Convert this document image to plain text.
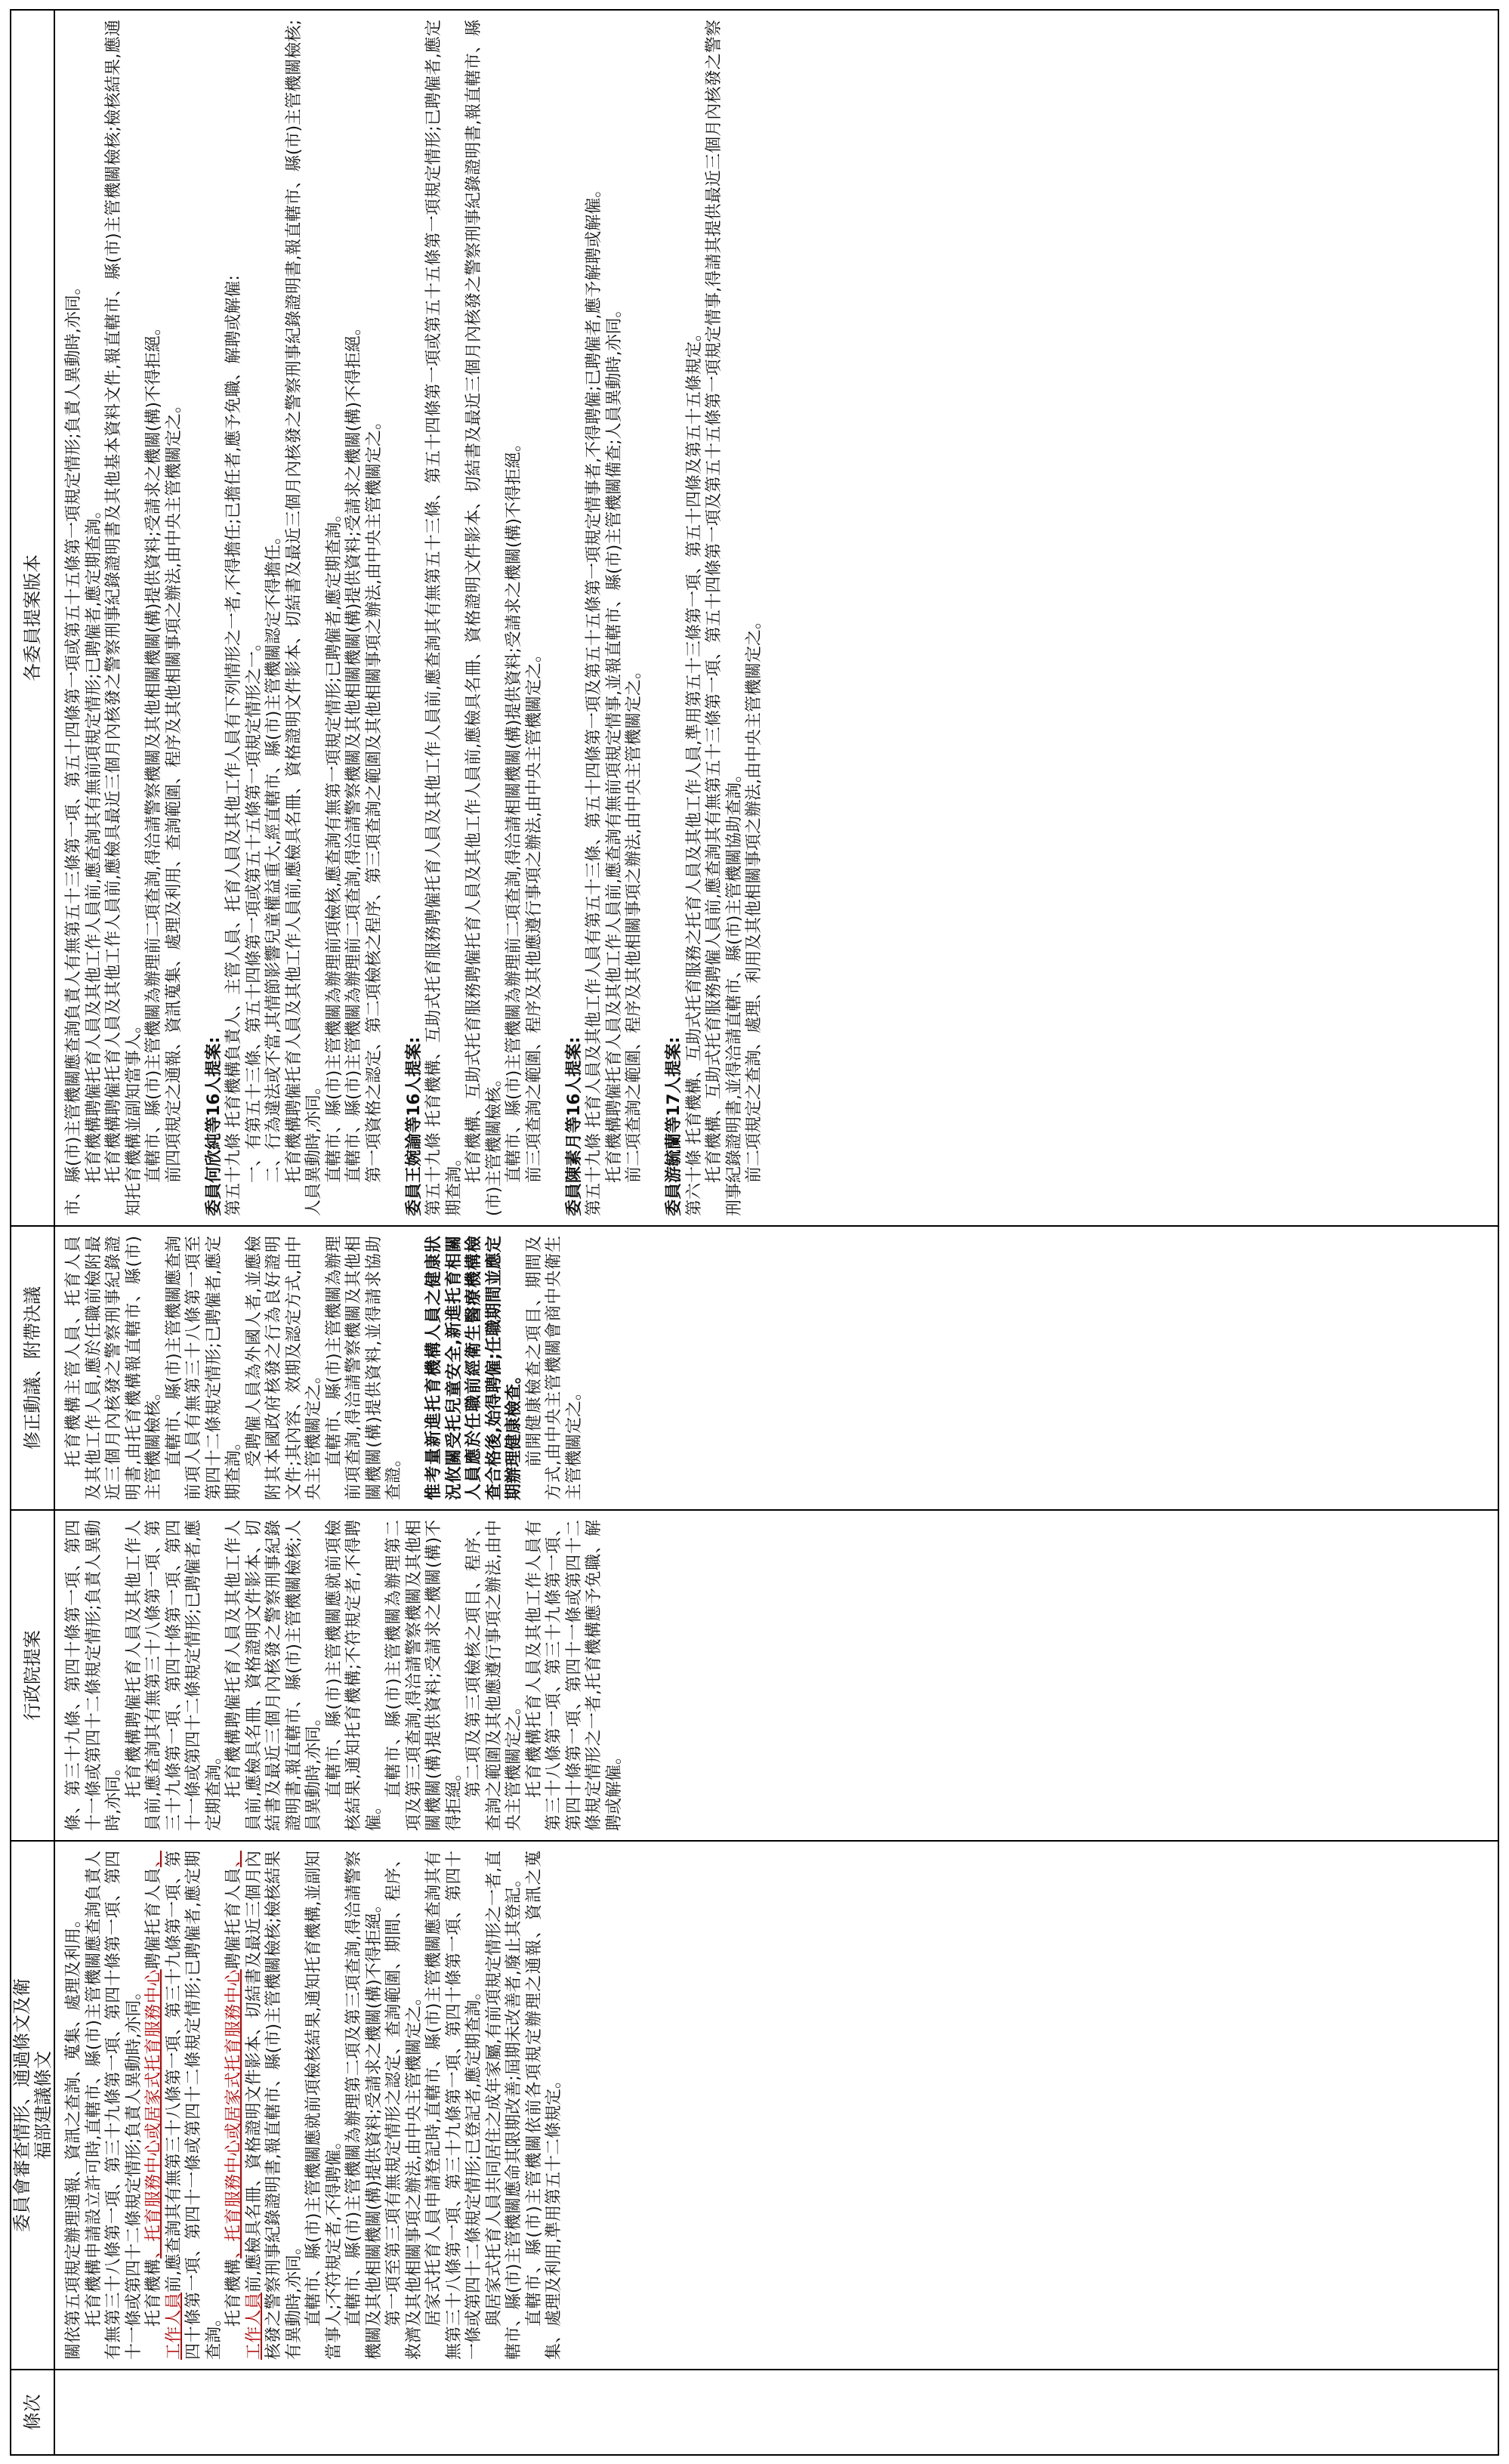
條次
委員會審查情形、通過條文及衛福部建議條文 關依第五項規定辦理通報、資訊之查詢、蒐集、處理及利用。 托育機構申請設立許可時,直轄市、縣(市)主管機關應查詢負責人有無第三十八條第一項、第三十九條第一項、第四十條第一項、第四十一條或第四十二條規定情形;負責人異動時,亦同。 托育機構、托育服務中心或居家式托育服務中心聘僱托育人員、工作人員前,應查詢其有無第三十八條第一項、第三十九條第一項、第四十條第一項、第四十一條或第四十二條規定情形;已聘僱者,應定期查詢。
托育機構、托育服務中心或居家式托育服務中心聘僱托育人員、工作人員前,應檢具名冊、資格證明文件影本、切結書及最近三個月內核發之警察刑事紀錄證明書,報直轄市、縣(市)主管機關檢核;檢核結果有異動時,亦同。 直轄市、縣(市)主管機關應就前項檢核結果,通知托育機構,並副知當事人;不符規定者,不得聘僱。 直轄市、縣(市)主管機關為辦理第二項及第三項查詢,得洽請警察機關及其他相關機關(構)提供資料;受請求之機關(構)不得拒絕。 第一項至第三項有無規定情形之認定、查詢範圍、期間、程序、救濟及其他相關事項之辦法,由中央主管機關定之。 居家式托育人員申請登記時,直轄市、縣(市)主管機關應查詢其有無第三十八條第一項、第三十九條第一項、第四十條第一項、第四十一條或第四十二條規定情形;已登記者,應定期查詢。 與居家式托育人員共同居住之成年家屬,有前項規定情形之一者,直轄市、縣(市)主管機關應命其限期改善;屆期未改善者,廢止其登記。 直轄市、縣(市)主管機關依前各項規定辦理之通報、資訊之蒐集、處理及利用,準用第五十二條規定。
行政院提案 條、第三十九條、第四十條第一項、第四十一條或第四十二條規定情形;負責人異動時,亦同。 托育機構聘僱托育人員及其他工作人員前,應查詢其有無第三十八條第一項、第三十九條第一項、第四十條第一項、第四十一條或第四十二條規定情形;已聘僱者,應定期查詢。 托育機構聘僱托育人員及其他工作人員前,應檢具名冊、資格證明文件影本、切結書及最近三個月內核發之警察刑事紀錄證明書,報直轄市、縣(市)主管機關檢核;人員異動時,亦同。 直轄市、縣(市)主管機關應就前項檢核結果,通知托育機構;不符規定者,不得聘僱。
直轄市、縣(市)主管機關為辦理第二項及第三項查詢,得洽請警察機關及其他相關機關(構)提供資料;受請求之機關(構)不得拒絕。 第二項及第三項檢核之項目、程序、查詢之範圍及其他應遵行事項之辦法,由中央主管機關定之。 托育機構托育人員及其他工作人員有第三十八條第一項、第三十九條第一項、第四十條第一項、第四十一條或第四十二條規定情形之一者,托育機構應予免職、解聘或解僱。
修正動議、附帶決議 托育機構主管人員、托育人員及其他工作人員,應於任職前檢附最近三個月內核發之警察刑事紀錄證明書,由托育機構報直轄市、縣(市)主管機關檢核。 直轄市、縣(市)主管機關應查詢前項人員有無第三十八條第一項至第四十二條規定情形;已聘僱者,應定期查詢。 受聘僱人員為外國人者,並應檢附其本國政府核發之行為良好證明文件;其內容、效期及認定方式,由中央主管機關定之。 直轄市、縣(市)主管機關為辦理前項查詢,得洽請警察機關及其他相關機關(構)提供資料,並得請求協助查證。 惟考量新進托育機構人員之健康狀況攸關受托兒童安全,新進托育相關人員應於任職前經衛生醫療機構檢查合格後,始得聘僱;任職期間並應定期辦理健康檢查。 前開健康檢查之項目、期間及方式,由中央主管機關會商中央衛生主管機關定之。
各委員提案版本 市、縣(市)主管機關應查詢負責人有無第五十三條第一項、第五十四條第一項或第五十五條第一項規定情形;負責人異動時,亦同。 托育機構聘僱托育人員及其他工作人員前,應查詢其有無前項規定情形;已聘僱者,應定期查詢。 托育機構聘僱托育人員及其他工作人員前,應檢具最近三個月內核發之警察刑事紀錄證明書及其他基本資料文件,報直轄市、縣(市)主管機關檢核;檢核結果,應通知托育機構並副知當事人。 直轄市、縣(市)主管機關為辦理前二項查詢,得洽請警察機關及其他相關機關(構)提供資料;受請求之機關(構)不得拒絕。 前四項規定之通報、資訊蒐集、處理及利用、查詢範圍、程序及其他相關事項之辦法,由中央主管機關定之。 委員何欣純等16人提案: 第五十九條 托育機構負責人、主管人員、托育人員及其他工作人員有下列情形之一者,不得擔任;已擔任者,應予免職、解聘或解僱: 一、有第五十三條、第五十四條第一項或第五十五條第一項規定情形之一。 二、行為違法或不當,其情節影響兒童權益重大,經直轄市、縣(市)主管機關認定不得擔任。 托育機構聘僱托育人員及其他工作人員前,應檢具名冊、資格證明文件影本、切結書及最近三個月內核發之警察刑事紀錄證明書,報直轄市、縣(市)主管機關檢核;人員異動時,亦同。 直轄市、縣(市)主管機關為辦理前項檢核,應查詢有無第一項規定情形;已聘僱者,應定期查詢。 直轄市、縣(市)主管機關為辦理前二項查詢,得洽請警察機關及其他相關機關(構)提供資料;受請求之機關(構)不得拒絕。 第一項資格之認定、第二項檢核之程序、第三項查詢之範圍及其他相關事項之辦法,由中央主管機關定之。 委員王婉諭等16人提案: 第五十九條 托育機構、互助式托育服務聘僱托育人員及其他工作人員前,應查詢其有無第五十三條、第五十四條第一項或第五十五條第一項規定情形;已聘僱者,應定期查詢。 托育機構、互助式托育服務聘僱托育人員及其他工作人員前,應檢具名冊、資格證明文件影本、切結書及最近三個月內核發之警察刑事紀錄證明書,報直轄市、縣(市)主管機關檢核。 直轄市、縣(市)主管機關為辦理前二項查詢,得洽請相關機關(構)提供資料;受請求之機關(構)不得拒絕。 前三項查詢之範圍、程序及其他應遵行事項之辦法,由中央主管機關定之。 委員陳素月等16人提案: 第五十九條 托育人員及其他工作人員有第五十三條、第五十四條第一項及第五十五條第一項規定情事者,不得聘僱;已聘僱者,應予解聘或解僱。 托育機構聘僱托育人員及其他工作人員前,應查詢有無前項規定情事,並報直轄市、縣(市)主管機關備查;人員異動時,亦同。 前二項查詢之範圍、程序及其他相關事項之辦法,由中央主管機關定之。 委員游毓蘭等17人提案: 第六十條 托育機構、互助式托育服務之托育人員及其他工作人員,準用第五十三條第一項、第五十四條及第五十五條規定。 托育機構、互助式托育服務聘僱人員前,應查詢其有無第五十三條第一項、第五十四條第一項及第五十五條第一項規定情事,得請其提供最近三個月內核發之警察刑事紀錄證明書,並得洽請直轄市、縣(市)主管機關協助查詢。 前二項規定之查詢、處理、利用及其他相關事項之辦法,由中央主管機關定之。
